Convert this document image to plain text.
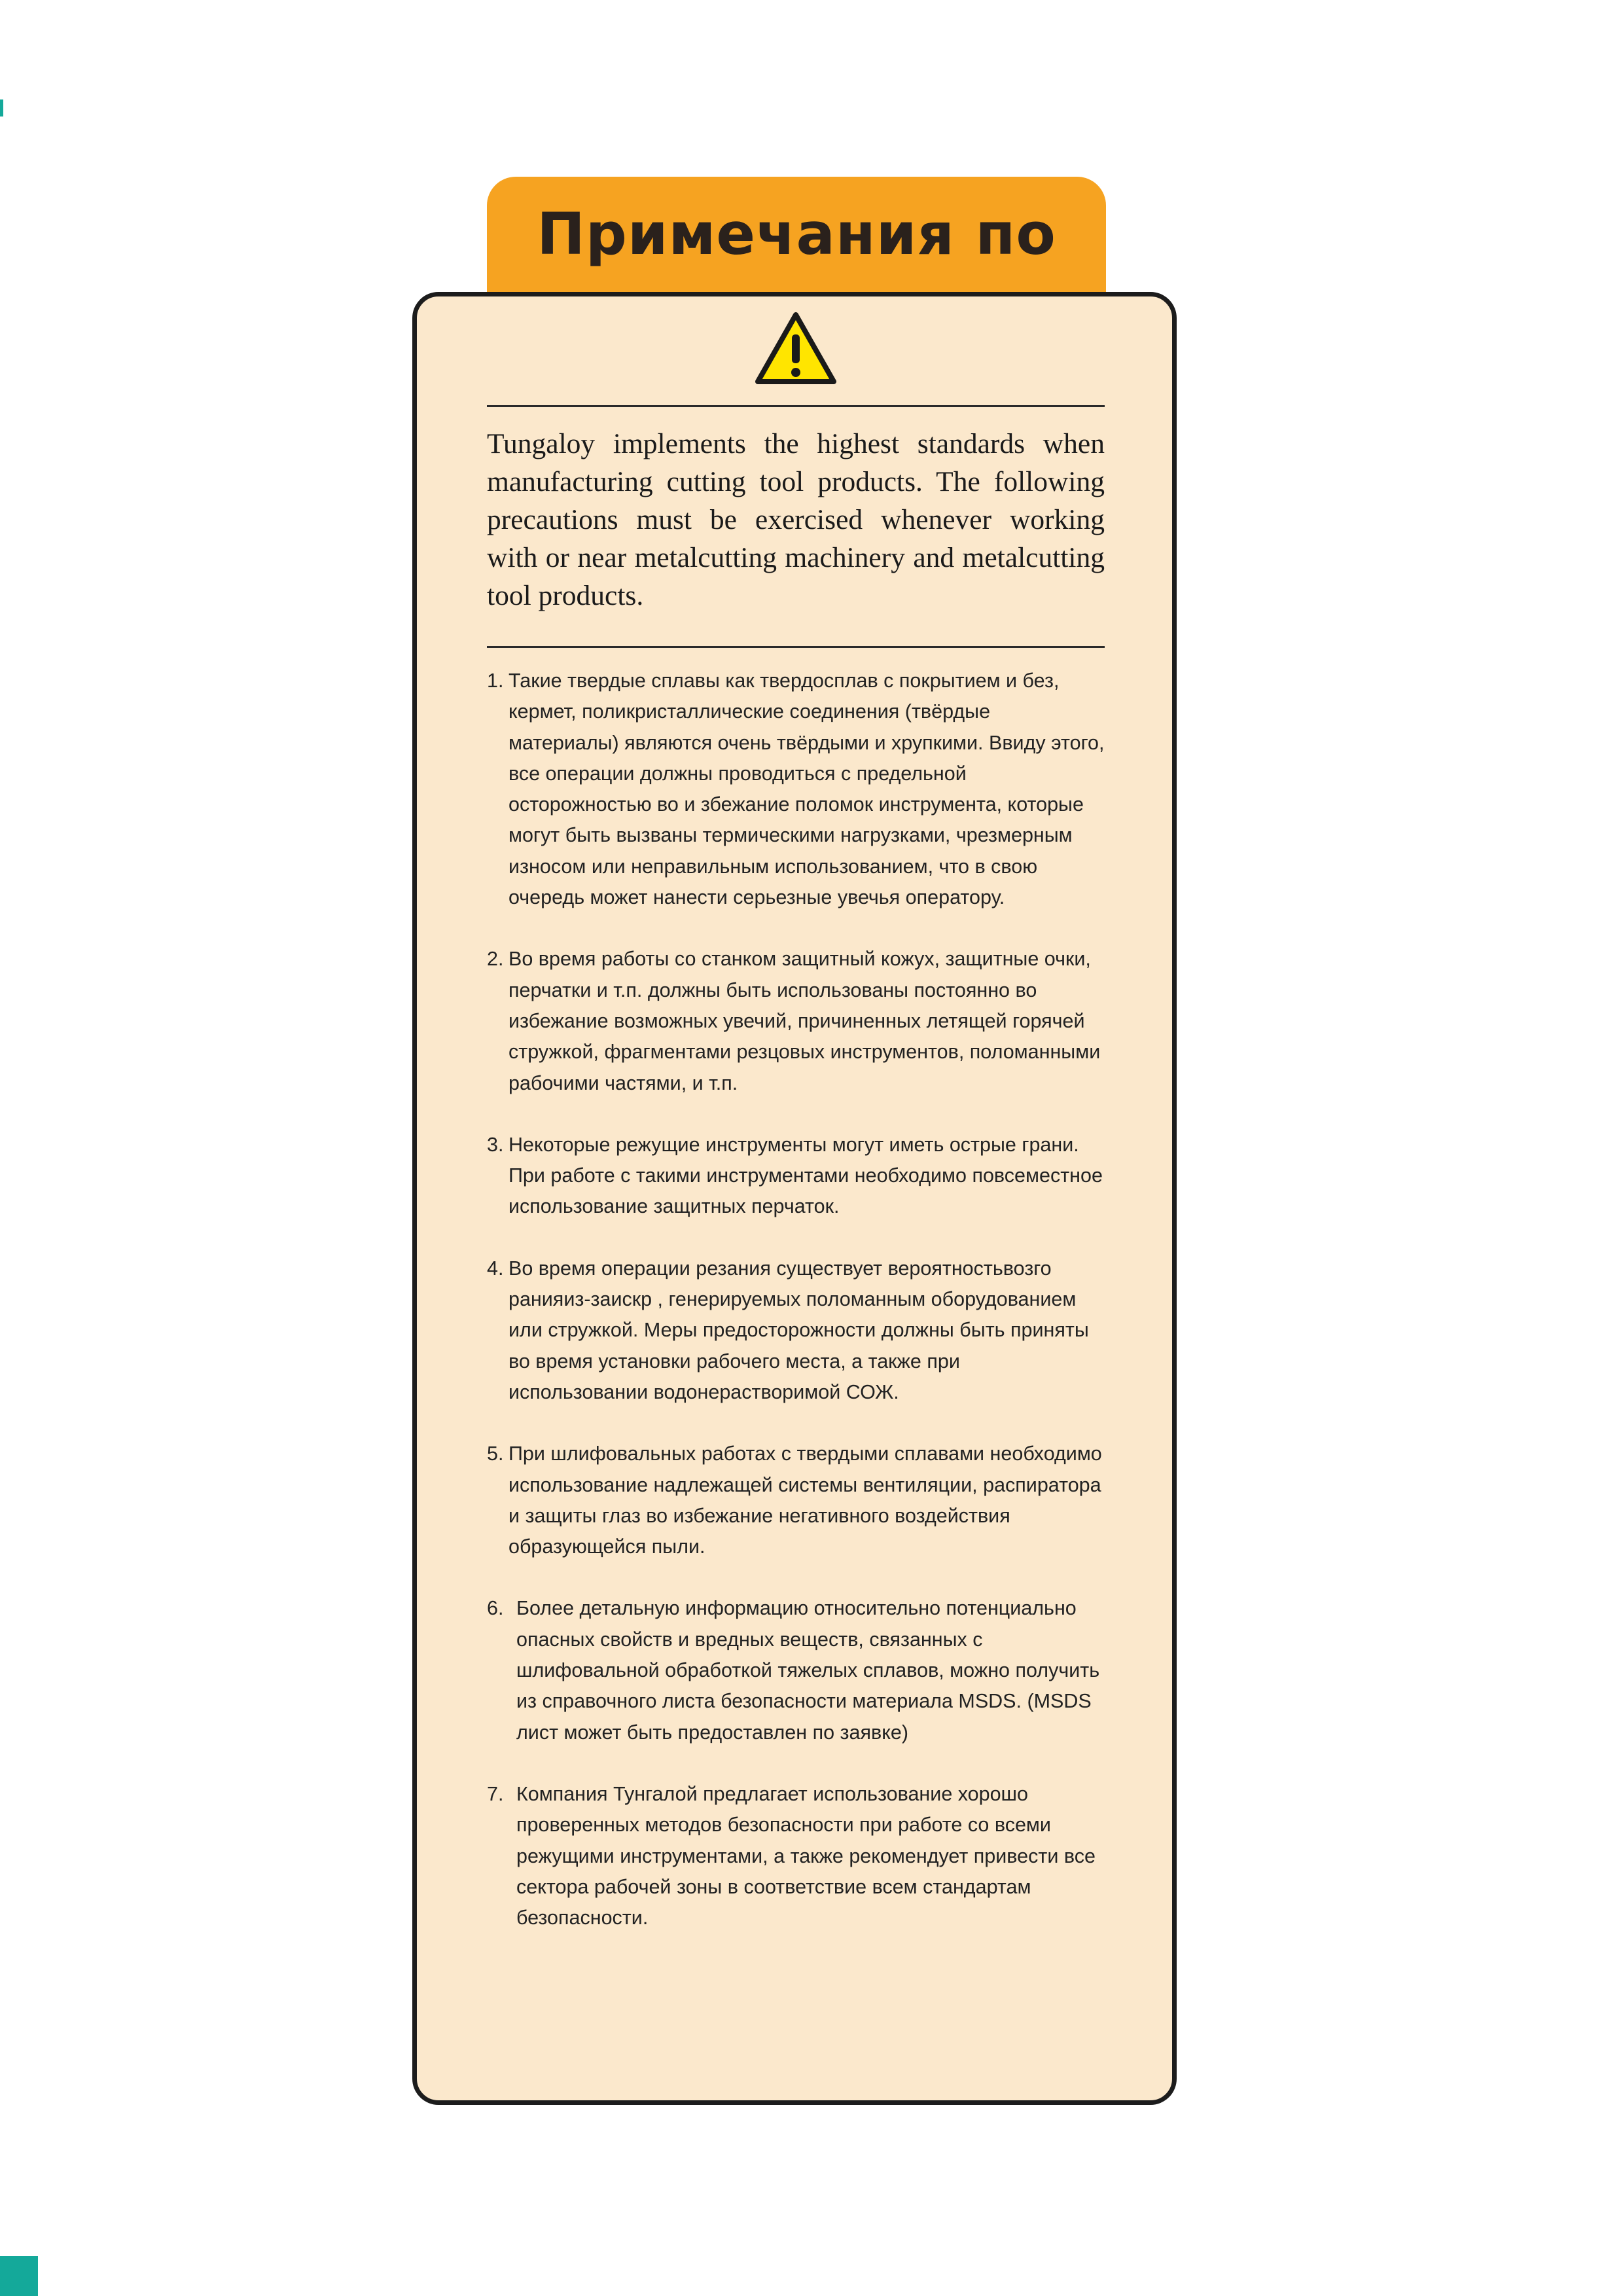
Примечания по

Tungaloy implements the highest standards when manufacturing cutting tool products. The following precautions must be exercised whenever working with or near metalcutting machinery and metalcutting tool products.

1. Такие твердые сплавы как твердосплав с покрытием и без, кермет, поликристаллические соединения (твёрдые материалы) являются очень твёрдыми и хрупкими. Ввиду этого, все операции должны проводиться с предельной осторожностью во и збежание поломок инструмента, которые могут быть вызваны термическими нагрузками, чрезмерным износом или неправильным использованием, что в свою очередь может нанести серьезные увечья оператору.
2. Во время работы со станком защитный кожух, защитные очки, перчатки и т.п. должны быть использованы постоянно во избежание возможных увечий, причиненных летящей горячей стружкой, фрагментами резцовых инструментов, поломанными рабочими частями, и т.п.
3. Некоторые режущие инструменты могут иметь острые грани. При работе с такими инструментами необходимо повсеместное использование защитных перчаток.
4. Во время операции резания существует вероятностьвозго ранияиз-заискр , генерируемых поломанным оборудованием или стружкой. Меры предосторожности должны быть приняты во время установки рабочего места, а также при использовании водонерастворимой СОЖ.
5. При шлифовальных работах с твердыми сплавами необходимо использование надлежащей системы вентиляции, распиратора и защиты глаз во избежание негативного воздействия образующейся пыли.
6. Более детальную информацию относительно потенциально опасных свойств и вредных веществ, связанных с шлифовальной обработкой тяжелых сплавов, можно получить из справочного листа безопасности материала MSDS. (MSDS лист может быть предоставлен по заявке)
7. Компания Тунгалой предлагает использование хорошо проверенных методов безопасности при работе со всеми режущими инструментами, а также рекомендует привести все сектора рабочей зоны в соответствие всем стандартам безопасности.
